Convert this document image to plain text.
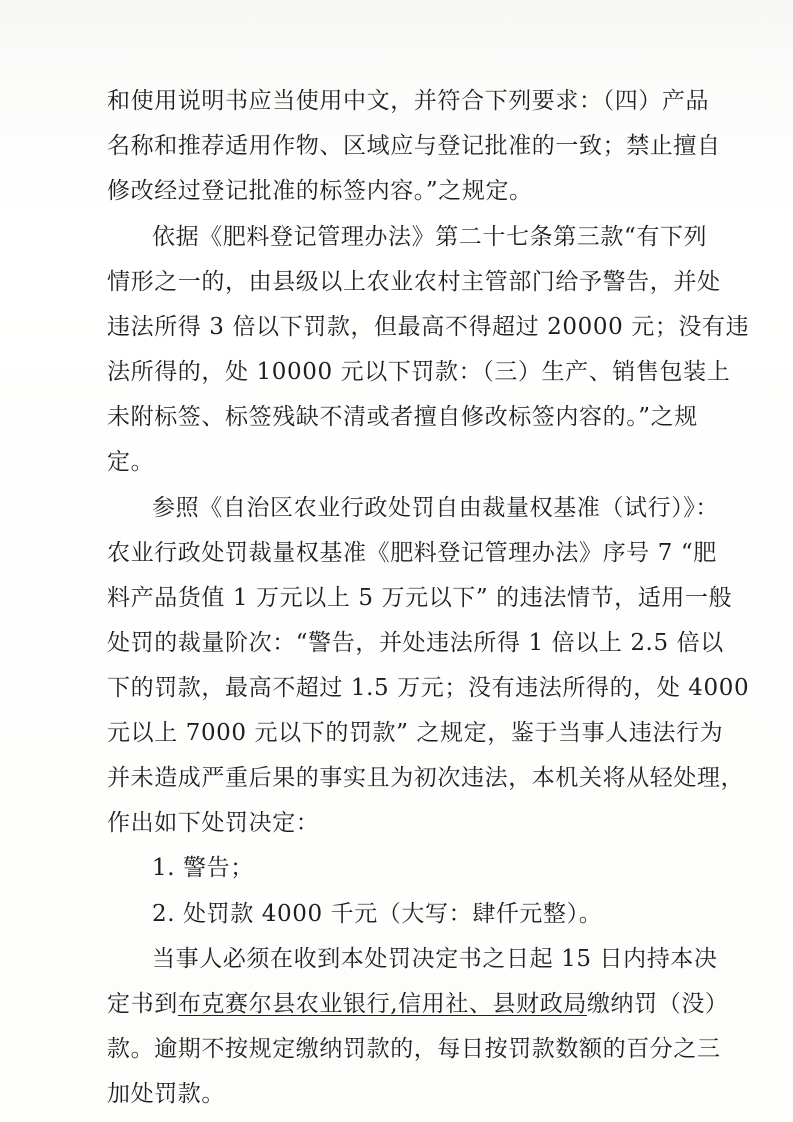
和使用说明书应当使用中文，并符合下列要求：（四）产品
名称和推荐适用作物、区域应与登记批准的一致；禁止擅自
修改经过登记批准的标签内容。”之规定。
依据《肥料登记管理办法》第二十七条第三款“有下列
情形之一的，由县级以上农业农村主管部门给予警告，并处
违法所得 3 倍以下罚款，但最高不得超过 20000 元；没有违
法所得的，处 10000 元以下罚款：（三）生产、销售包装上
未附标签、标签残缺不清或者擅自修改标签内容的。”之规
定。
参照《自治区农业行政处罚自由裁量权基准（试行）》：
农业行政处罚裁量权基准《肥料登记管理办法》序号 7 “肥
料产品货值 1 万元以上 5 万元以下” 的违法情节，适用一般
处罚的裁量阶次：“警告，并处违法所得 1 倍以上 2.5 倍以
下的罚款，最高不超过 1.5 万元；没有违法所得的，处 4000
元以上 7000 元以下的罚款” 之规定，鉴于当事人违法行为
并未造成严重后果的事实且为初次违法，本机关将从轻处理，
作出如下处罚决定：
1. 警告；
2. 处罚款 4000 千元（大写：肆仟元整）。
当事人必须在收到本处罚决定书之日起 15 日内持本决
定书到布克赛尔县农业银行,信用社、县财政局缴纳罚（没）
款。逾期不按规定缴纳罚款的，每日按罚款数额的百分之三
加处罚款。
